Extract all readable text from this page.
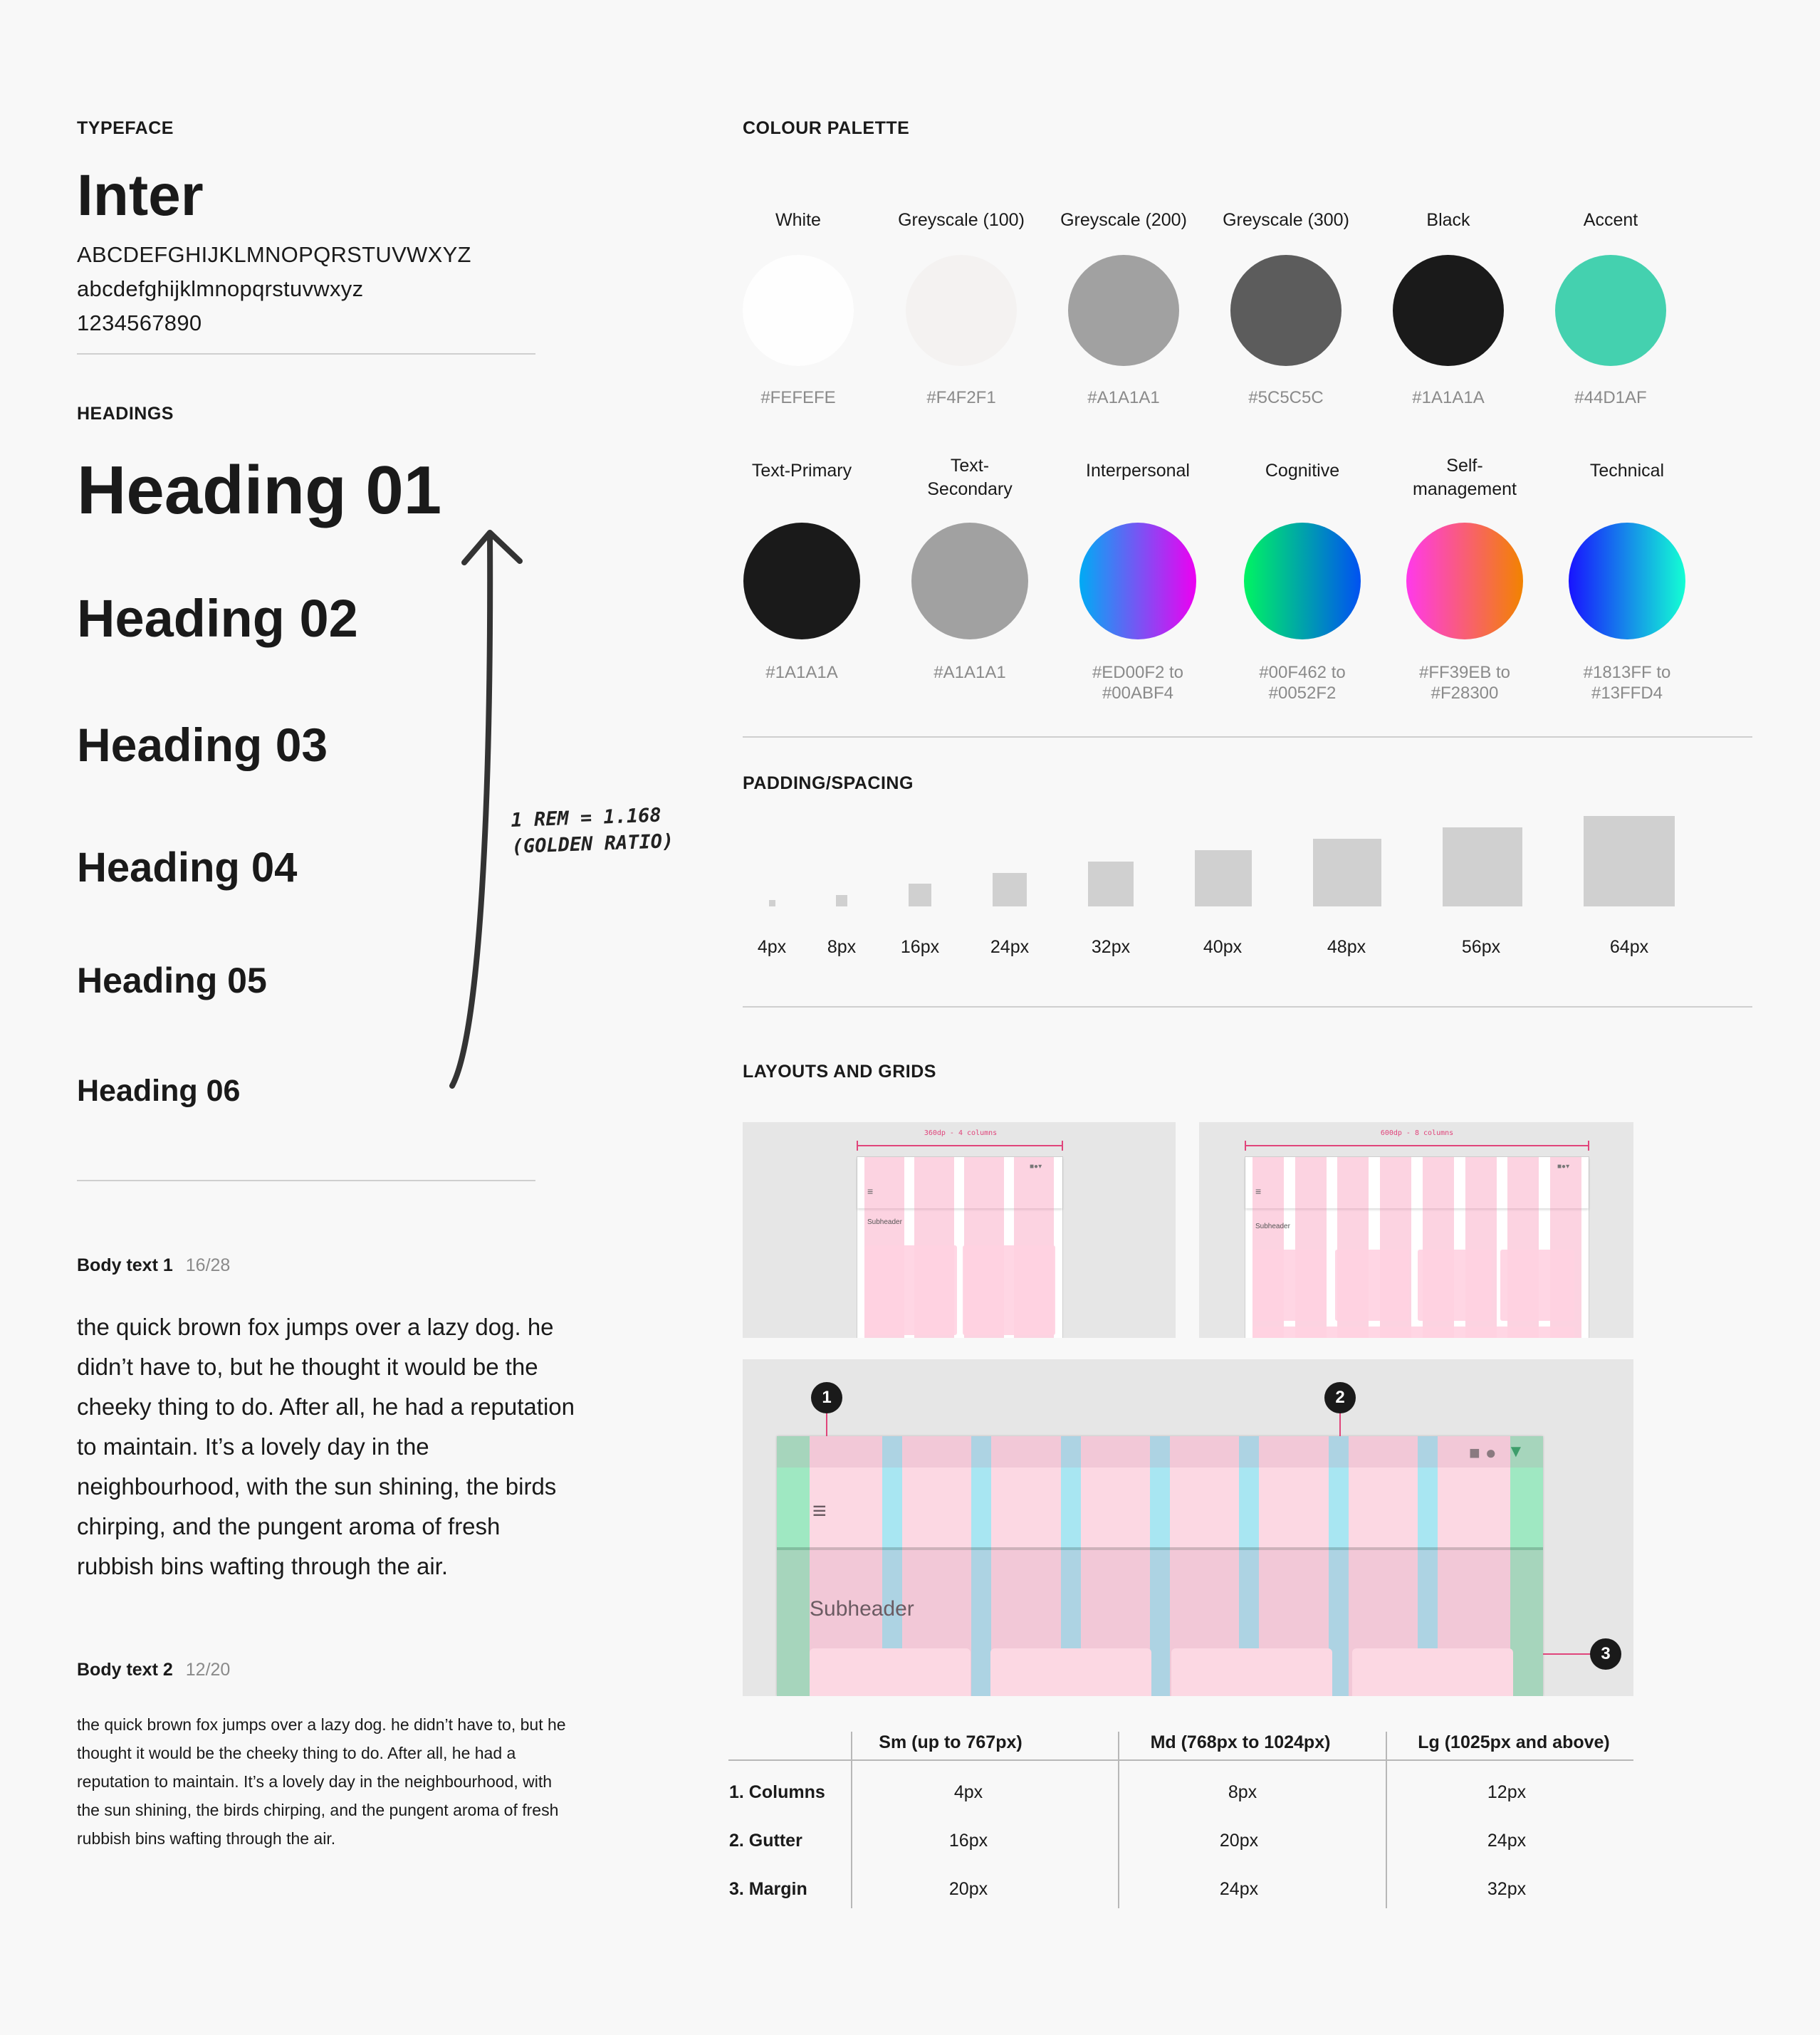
TYPEFACE
Inter
ABCDEFGHIJKLMNOPQRSTUVWXYZ
abcdefghijklmnopqrstuvwxyz
1234567890
HEADINGS
Heading 01
Heading 02
Heading 03
Heading 04
Heading 05
Heading 06
1 REM = 1.168
(GOLDEN RATIO)
Body text 1 16/28
the quick brown fox jumps over a lazy dog. he didn’t have to, but he thought it would be the cheeky thing to do. After all, he had a reputation to maintain. It’s a lovely day in the neighbourhood, with the sun shining, the birds chirping, and the pungent aroma of fresh rubbish bins wafting through the air.
Body text 2 12/20
the quick brown fox jumps over a lazy dog. he didn’t have to, but he thought it would be the cheeky thing to do. After all, he had a reputation to maintain. It’s a lovely day in the neighbourhood, with the sun shining, the birds chirping, and the pungent aroma of fresh rubbish bins wafting through the air.
COLOUR PALETTE
White
#FEFEFE
Greyscale (100)
#F4F2F1
Greyscale (200)
#A1A1A1
Greyscale (300)
#5C5C5C
Black
#1A1A1A
Accent
#44D1AF
Text-Primary
#1A1A1A
Text-Secondary
#A1A1A1
Interpersonal
#ED00F2 to #00ABF4
Cognitive
#00F462 to #0052F2
Self-management
#FF39EB to #F28300
Technical
#1813FF to #13FFD4
PADDING/SPACING
4px	8px	16px	24px	32px	40px	48px	56px	64px
LAYOUTS AND GRIDS
360dp - 4 columns
≡
■●▾
Subheader
600dp - 8 columns
≡
■●▾
Subheader
■ ● ▼
≡
Subheader
1	2
3
Sm (up to 767px)	Md (768px to 1024px)	Lg (1025px and above)
1. Columns	4px	8px	12px
2. Gutter	16px	20px	24px
3. Margin	20px	24px	32px
